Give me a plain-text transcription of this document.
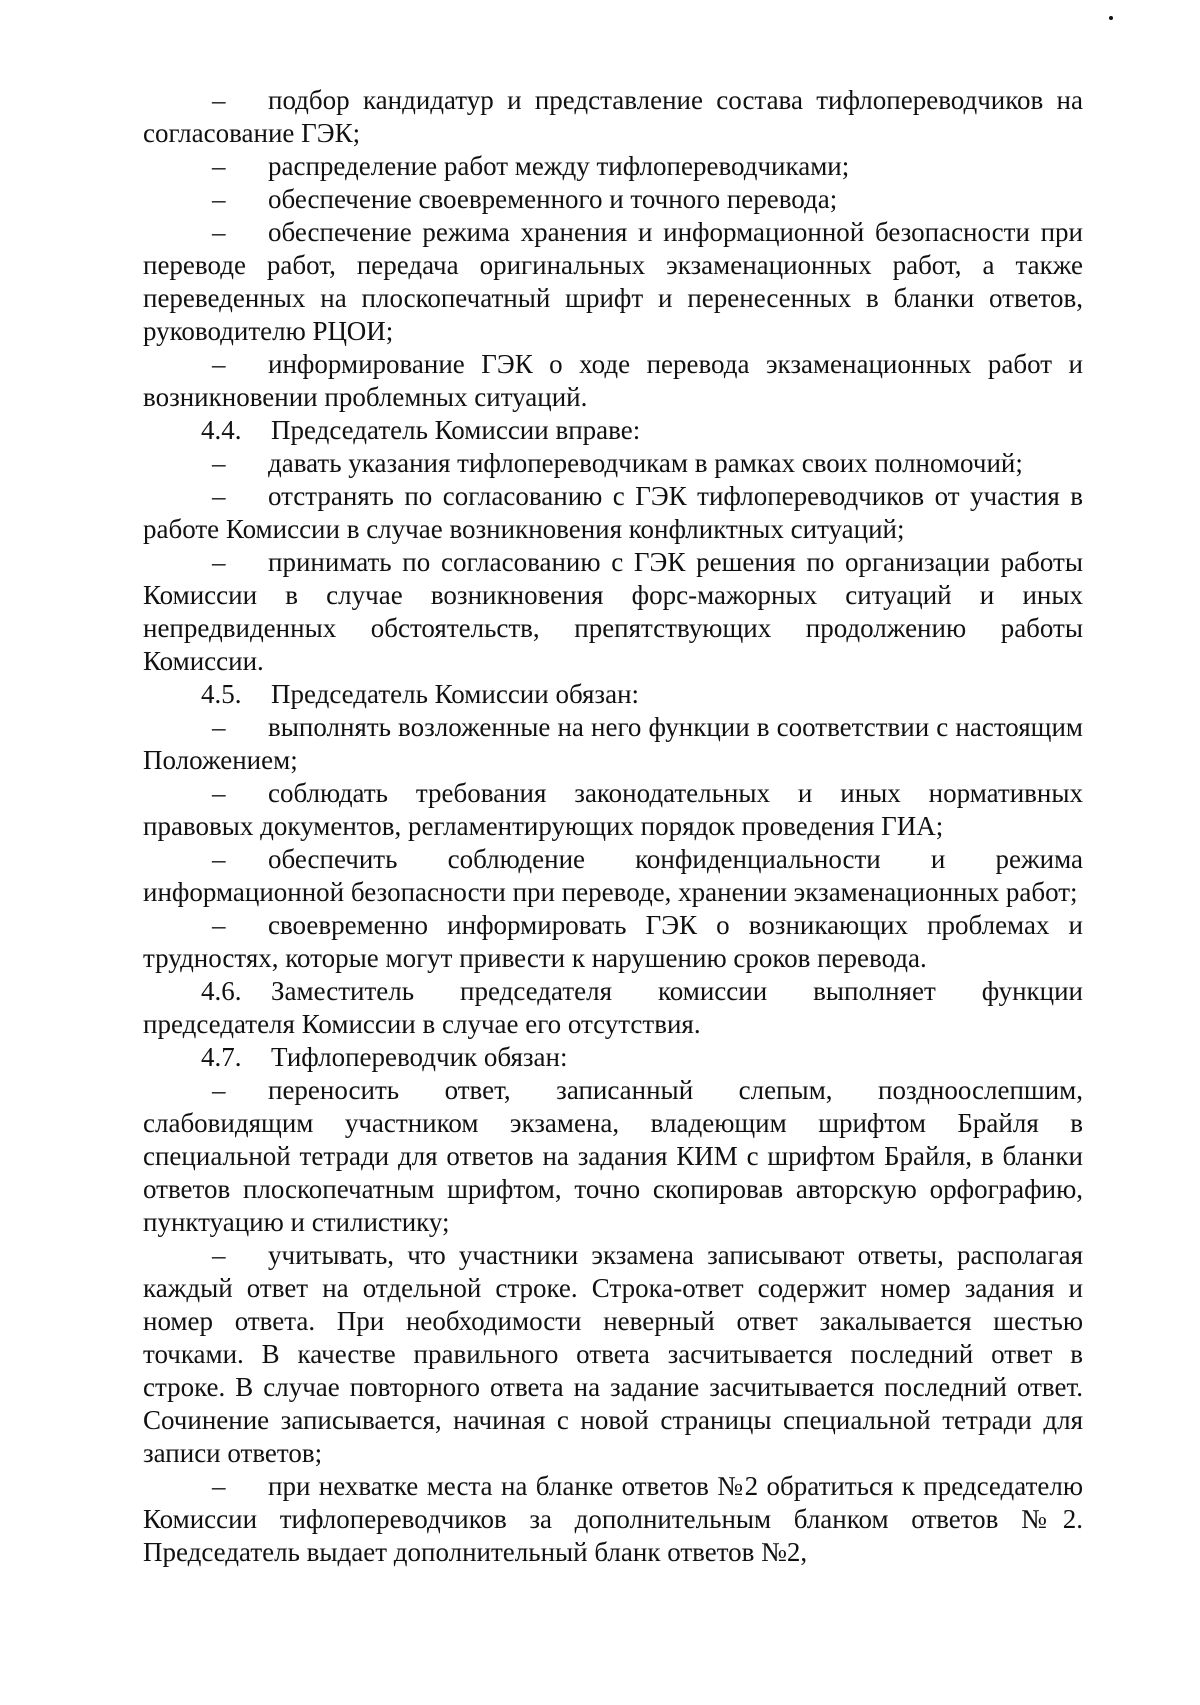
– подбор кандидатур и представление состава тифлопереводчиков на согласование ГЭК;

– распределение работ между тифлопереводчиками;

– обеспечение своевременного и точного перевода;

– обеспечение режима хранения и информационной безопасности при переводе работ, передача оригинальных экзаменационных работ, а также переведенных на плоскопечатный шрифт и перенесенных в бланки ответов, руководителю РЦОИ;

– информирование ГЭК о ходе перевода экзаменационных работ и возникновении проблемных ситуаций.

4.4. Председатель Комиссии вправе:

– давать указания тифлопереводчикам в рамках своих полномочий;

– отстранять по согласованию с ГЭК тифлопереводчиков от участия в работе Комиссии в случае возникновения конфликтных ситуаций;

– принимать по согласованию с ГЭК решения по организации работы Комиссии в случае возникновения форс-мажорных ситуаций и иных непредвиденных обстоятельств, препятствующих продолжению работы Комиссии.

4.5. Председатель Комиссии обязан:

– выполнять возложенные на него функции в соответствии с настоящим Положением;

– соблюдать требования законодательных и иных нормативных правовых документов, регламентирующих порядок проведения ГИА;

– обеспечить соблюдение конфиденциальности и режима информационной безопасности при переводе, хранении экзаменационных работ;

– своевременно информировать ГЭК о возникающих проблемах и трудностях, которые могут привести к нарушению сроков перевода.

4.6. Заместитель председателя комиссии выполняет функции председателя Комиссии в случае его отсутствия.

4.7. Тифлопереводчик обязан:

– переносить ответ, записанный слепым, поздноослепшим, слабовидящим участником экзамена, владеющим шрифтом Брайля в специальной тетради для ответов на задания КИМ с шрифтом Брайля, в бланки ответов плоскопечатным шрифтом, точно скопировав авторскую орфографию, пунктуацию и стилистику;

– учитывать, что участники экзамена записывают ответы, располагая каждый ответ на отдельной строке. Строка-ответ содержит номер задания и номер ответа. При необходимости неверный ответ закалывается шестью точками. В качестве правильного ответа засчитывается последний ответ в строке. В случае повторного ответа на задание засчитывается последний ответ. Сочинение записывается, начиная с новой страницы специальной тетради для записи ответов;

– при нехватке места на бланке ответов №2 обратиться к председателю Комиссии тифлопереводчиков за дополнительным бланком ответов №2. Председатель выдает дополнительный бланк ответов №2,
